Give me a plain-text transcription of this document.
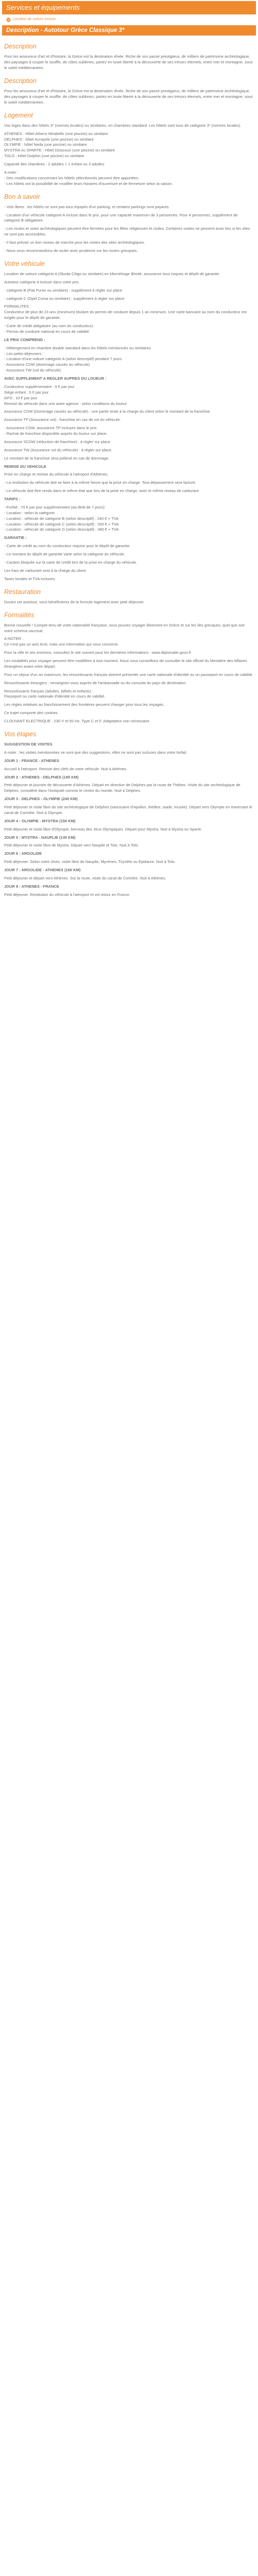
Services et équipements
Location de voiture incluse
Description - Autotour Grèce Classique 3*
Description

Pour les amoureux d'art et d'histoire, la Grèce est la destination rêvée. Riche de son passé prestigieux, de milliers de patrimoine archéologique, des paysages à couper le souffle, de côtes sublimes, partez en toute liberté à la découverte de ses trésors éternels, entre mer et montagne, sous le soleil méditerranéen.

Description

Pour les amoureux d'art et d'histoire, la Grèce est la destination rêvée. Riche de son passé prestigieux, de milliers de patrimoine archéologique, des paysages à couper le souffle, de côtes sublimes, partez en toute liberté à la découverte de ses trésors éternels, entre mer et montagne, sous le soleil méditerranéen.

Logement

Vos logez dans des hôtels 3* (normes locales) ou similaires, en chambres standard. Les hôtels sont tous de catégorie 3* (normes locales).

ATHENES : Hôtel Athens Mirabello (une piscine) ou similaire
DELPHES : hôtel Acropole (une piscine) ou similaire
OLYMPIE : hôtel Neda (une piscine) ou similaire
MYSTRA ou SPARTE : Hôtel Dioscouri (une piscine) ou similaire
TOLO : hôtel Dolphin (une piscine) ou similaire

Capacité des chambres : 2 adultes + 1 enfant ou 3 adultes

A noter :
- Des modifications concernant les hôtels sélectionnés peuvent être apportées.
- Les hôtels ont la possibilité de modifier leurs horaires d'ouverture et de fermeture selon la saison.

Bon à savoir

- Vols libres : les hôtels ne sont pas tous équipés d'un parking, et certains parkings sont payants.

- Location d'un véhicule catégorie A incluse dans le prix, pour une capacité maximum de 3 personnes. Pour 4 personnes, supplément de catégorie B obligatoire.

- Les routes et voies archéologiques peuvent être fermées pour les fêtes religieuses et civiles. Certaines visites ne peuvent avoir lieu si les sites ne sont pas accessibles.

- Il faut prévoir un bon niveau de marche pour les visites des sites archéologiques.

- Nous vous recommandons de rouler avec prudence sur les routes grecques.

Votre véhicule

Location de voiture catégorie A (Skoda Citigo ou similaire) en kilométrage illimité, assurance tous risques et dépôt de garantie.

Autotour catégorie A incluse dans votre prix.

- catégorie B (Fiat Punto ou similaire) : supplément à régler sur place

- catégorie C (Opel Corsa ou similaire) : supplément à régler sur place

FORMALITES :
Conducteur de plus de 23 ans (minimum) titulaire du permis de conduire depuis 1 an minimum. Une carte bancaire au nom du conducteur est exigée pour le dépôt de garantie.

- Carte de crédit obligatoire (au nom du conducteur).
- Permis de conduire national en cours de validité.

LE PRIX COMPREND :

- Hébergement en chambre double standard dans les hôtels mentionnés ou similaires
- Les petits-déjeuners
- Location d'une voiture catégorie A (selon descriptif) pendant 7 jours
- Assurance CDW (dommage causés au véhicule)
- Assurance TW (vol du véhicule)

AVEC SUPPLEMENT A REGLER AUPRES DU LOUEUR :

Conducteur supplémentaire : 5 € par jour
Siège enfant : 5 € par jour
GPS : 10 € par jour
Remise du véhicule dans une autre agence : selon conditions du loueur

Assurance CDW (Dommage causés au véhicule) : une partie reste à la charge du client selon le montant de la franchise.

Assurance TP (Assurance vol) : franchise en cas de vol du véhicule.

- Assurance CDW, assurance TP incluses dans le prix.
- Rachat de franchise disponible auprès du loueur sur place.

Assurance SCDW (réduction de franchise) : à régler sur place.

Assurance TW (Assurance vol du véhicule) : à régler sur place.

Le montant de la franchise sera prélevé en cas de dommage.

REMISE DU VEHICULE

Prise en charge et remise du véhicule à l'aéroport d'Athènes.

- La restitution du véhicule doit se faire à la même heure que la prise en charge. Tout dépassement sera facturé.

- Le véhicule doit être rendu dans le même état que lors de la prise en charge, avec le même niveau de carburant.

TARIFS :

- Forfait : 70 € par jour supplémentaire (au-delà de 7 jours)
- Location : selon la catégorie
- Location : véhicule de catégorie B (selon descriptif) : 240 € + TVA
- Location : véhicule de catégorie C (selon descriptif) : 300 € + TVA
- Location : véhicule de catégorie D (selon descriptif) : 380 € + TVA

GARANTIE :

- Carte de crédit au nom du conducteur requise pour le dépôt de garantie.

- Le montant du dépôt de garantie varie selon la catégorie du véhicule.

- Caution bloquée sur la carte de crédit lors de la prise en charge du véhicule.

Les frais de carburant sont à la charge du client.

Taxes locales et TVA incluses.

Restauration

Durant cet autotour, vous bénéficierez de la formule logement avec petit déjeuner.

Formalités

Bonne nouvelle ! Compte tenu de votre nationalité française, vous pouvez voyager librement en Grèce et sur les îles grecques, quel que soit votre schéma vaccinal.

A NOTER :
Ce n'est pas un avis écrit, mais une information qui vous concerne.

Pour la ville et ses environs, consultez le site suivant pour les dernières informations : www.diplomatie.gouv.fr

Les modalités pour voyager peuvent être modifiées à tout moment. Nous vous conseillons de consulter le site officiel du Ministère des Affaires étrangères avant votre départ.

Pour un séjour d'un an maximum, les ressortissants français doivent présenter une carte nationale d'identité ou un passeport en cours de validité.

Ressortissants étrangers : renseignez-vous auprès de l'ambassade ou du consulat du pays de destination.

Ressortissants français (adultes, bébés et enfants) :
Passeport ou carte nationale d'identité en cours de validité.

Les règles relatives au franchissement des frontières peuvent changer pour tous les voyages.

Ce trajet comporte des cookies.

CLOUVANT ELECTRIQUE : 230 V et 50 Hz. Type C et F. Adaptateur non nécessaire.

Vos étapes

SUGGESTION DE VISITES

A noter : les visites mentionnées ne sont que des suggestions, elles ne sont pas incluses dans votre forfait.

JOUR 1 : FRANCE - ATHENES

Accueil à l'aéroport. Remise des clefs de votre véhicule. Nuit à Athènes.

JOUR 2 : ATHENES - DELPHES (190 KM)

Petit déjeuner et journée de découverte d'Athènes. Départ en direction de Delphes par la route de Thèbes. Visite du site archéologique de Delphes, considéré dans l'Antiquité comme le centre du monde. Nuit à Delphes.

JOUR 3 : DELPHES - OLYMPIE (240 KM)

Petit déjeuner et visite libre du site archéologique de Delphes (sanctuaire d'Apollon, théâtre, stade, musée). Départ vers Olympie en traversant le canal de Corinthe. Nuit à Olympie.

JOUR 4 : OLYMPIE - MYSTRA (150 KM)

Petit déjeuner et visite libre d'Olympie, berceau des Jeux Olympiques. Départ pour Mystra. Nuit à Mystra ou Sparte.

JOUR 5 : MYSTRA - NAUPLIE (130 KM)

Petit déjeuner et visite libre de Mystra. Départ vers Nauplie et Tolo. Nuit à Tolo.

JOUR 6 : ARGOLIDE

Petit déjeuner. Selon votre choix, visite libre de Nauplie, Mycènes, Tirynthe ou Epidaure. Nuit à Tolo.

JOUR 7 : ARGOLIDE - ATHENES (160 KM)

Petit déjeuner et départ vers Athènes. Sur la route, visite du canal de Corinthe. Nuit à Athènes.

JOUR 8 : ATHENES - FRANCE

Petit déjeuner. Restitution du véhicule à l'aéroport et vol retour en France.
